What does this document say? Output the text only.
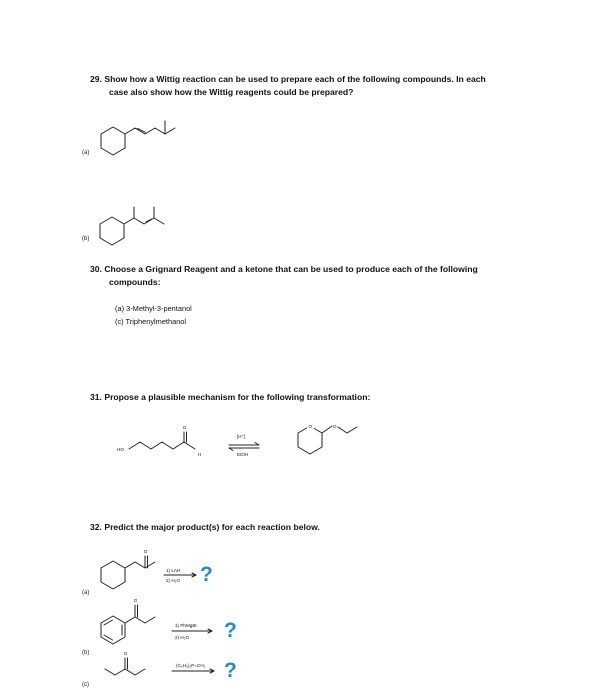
29. Show how a Wittig reaction can be used to prepare each of the following compounds. In each
case also show how the Wittig reagents could be prepared?
(a)
(b)
30. Choose a Grignard Reagent and a ketone that can be used to produce each of the following
compounds:
(a) 3-Methyl-3-pentanol
(c) Triphenylmethanol
31. Propose a plausible mechanism for the following transformation:
32. Predict the major product(s) for each reaction below.
(a)
(b)
(c)
HO
O
H
[H⁺]
EtOH
O	O
O
1) LAH
2) H₂O ?
O
1) PhMgBr
2) H₂O ?
O
(C₆H₅)₃P=CH₂ ?
